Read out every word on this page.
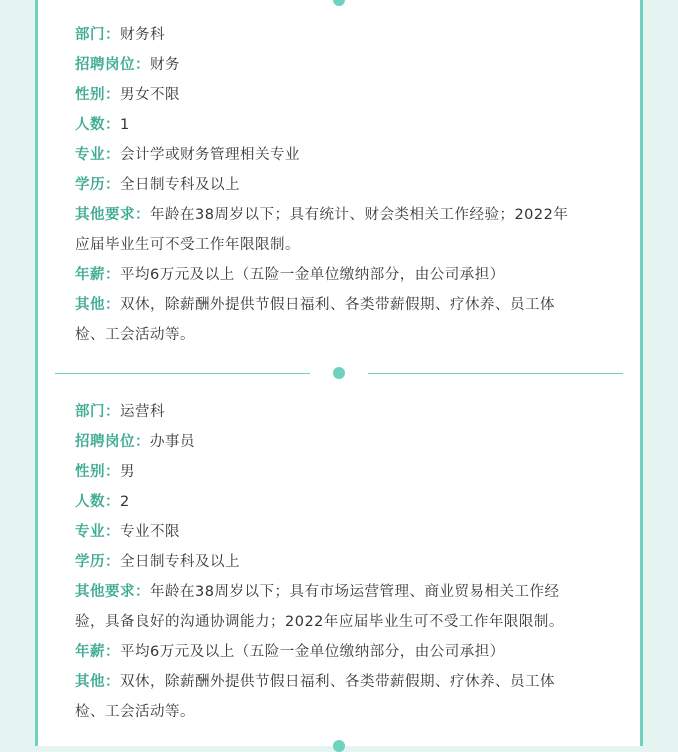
部门：财务科
招聘岗位：财务
性别：男女不限
人数：1
专业：会计学或财务管理相关专业
学历：全日制专科及以上
其他要求：年龄在38周岁以下；具有统计、财会类相关工作经验；2022年
应届毕业生可不受工作年限限制。
年薪：平均6万元及以上（五险一金单位缴纳部分，由公司承担）
其他：双休，除薪酬外提供节假日福利、各类带薪假期、疗休养、员工体
检、工会活动等。
部门：运营科
招聘岗位：办事员
性别：男
人数：2
专业：专业不限
学历：全日制专科及以上
其他要求：年龄在38周岁以下；具有市场运营管理、商业贸易相关工作经
验，具备良好的沟通协调能力；2022年应届毕业生可不受工作年限限制。
年薪：平均6万元及以上（五险一金单位缴纳部分，由公司承担）
其他：双休，除薪酬外提供节假日福利、各类带薪假期、疗休养、员工体
检、工会活动等。
